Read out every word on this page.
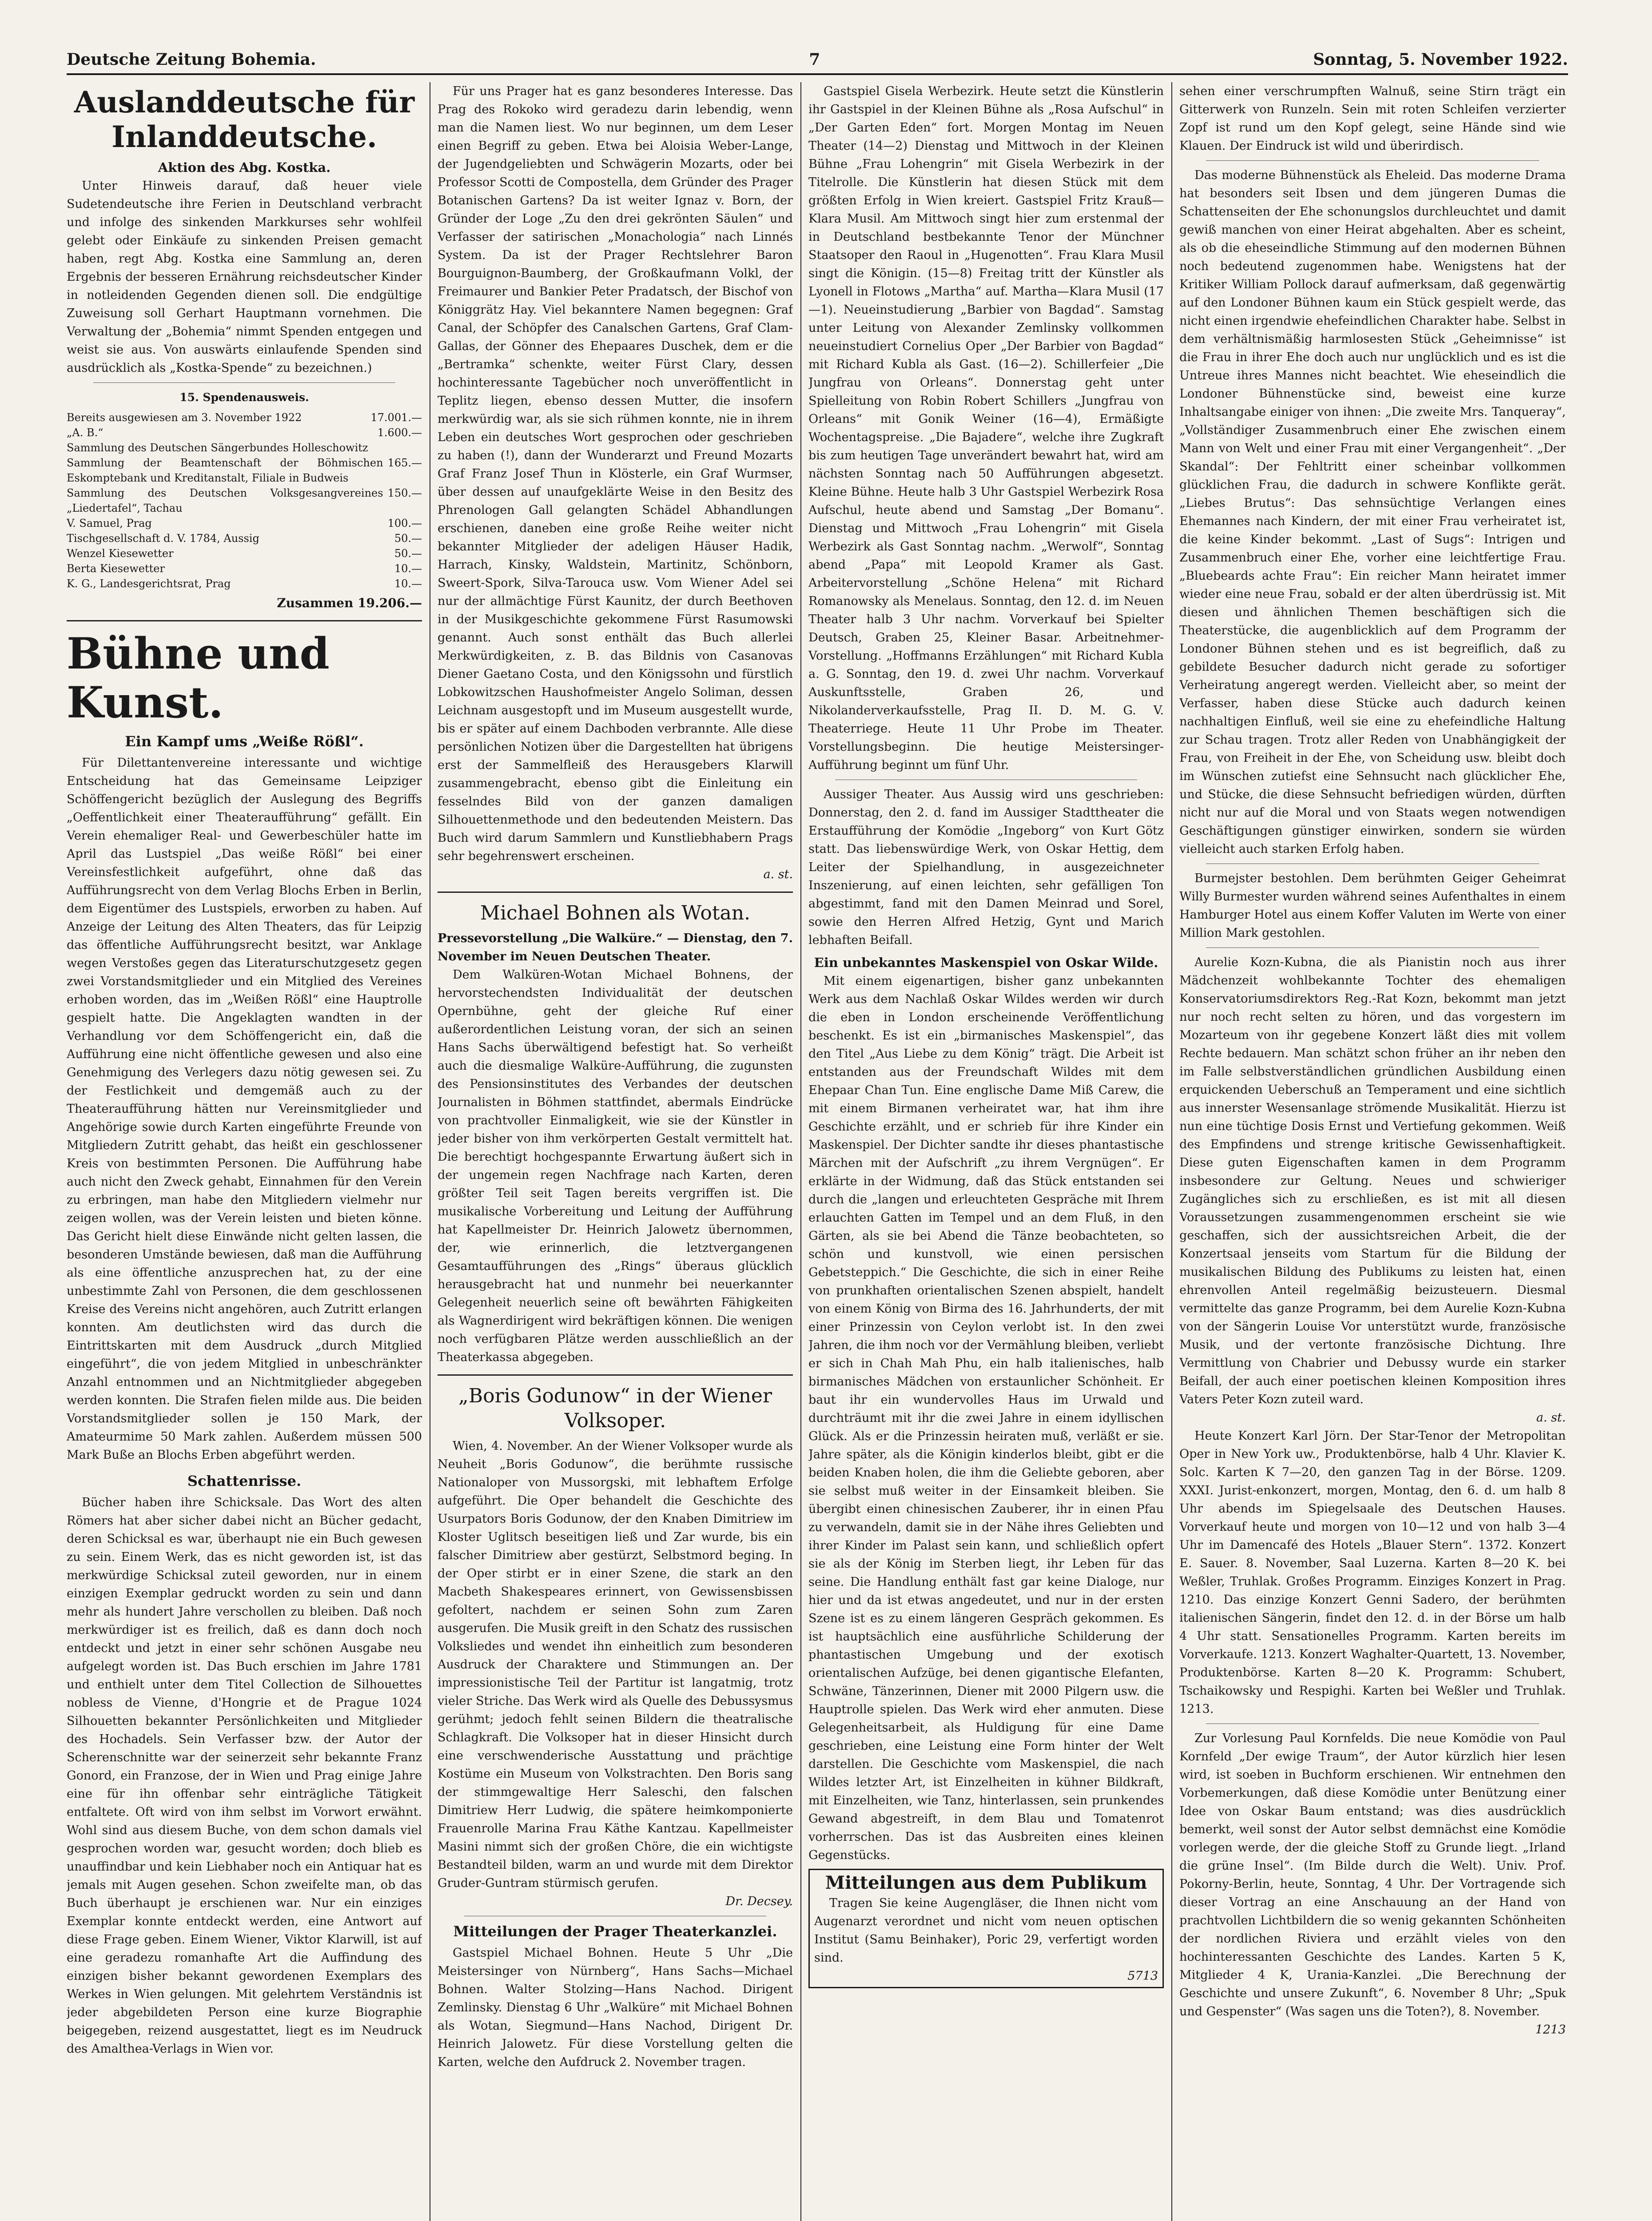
Deutsche Zeitung Bohemia.	7	Sonntag, 5. November 1922.
Auslanddeutsche für Inlanddeutsche.
Aktion des Abg. Kostka.

Unter Hinweis darauf, daß heuer viele Sudetendeutsche ihre Ferien in Deutschland verbracht und infolge des sinkenden Markkurses sehr wohlfeil gelebt oder Einkäufe zu sinkenden Preisen gemacht haben, regt Abg. Kostka eine Sammlung an, deren Ergebnis der besseren Ernährung reichsdeutscher Kinder in notleidenden Gegenden dienen soll. Die endgültige Zuweisung soll Gerhart Hauptmann vornehmen. Die Verwaltung der „Bohemia“ nimmt Spenden entgegen und weist sie aus. Von auswärts einlaufende Spenden sind ausdrücklich als „Kostka-Spende“ zu bezeichnen.)

15. Spendenausweis.
Bereits ausgewiesen am 3. November 1922	17.001.—
„A. B.“	1.600.—
Sammlung des Deutschen Sängerbundes Holleschowitz
Sammlung der Beamtenschaft der Böhmischen Eskomptebank und Kreditanstalt, Filiale in Budweis
165.—
Sammlung des Deutschen Volksgesangvereines „Liedertafel“, Tachau
150.—
V. Samuel, Prag	100.—
Tischgesellschaft d. V. 1784, Aussig	50.—
Wenzel Kiesewetter	50.—
Berta Kiesewetter	10.—
K. G., Landesgerichtsrat, Prag	10.—
Zusammen
19.206.—
Bühne und Kunst.
Ein Kampf ums „Weiße Rößl“.

Für Dilettantenvereine interessante und wichtige Entscheidung hat das Gemeinsame Leipziger Schöffengericht bezüglich der Auslegung des Begriffs „Oeffentlichkeit einer Theateraufführung“ gefällt. Ein Verein ehemaliger Real- und Gewerbeschüler hatte im April das Lustspiel „Das weiße Rößl“ bei einer Vereinsfestlichkeit aufgeführt, ohne daß das Aufführungsrecht von dem Verlag Blochs Erben in Berlin, dem Eigentümer des Lustspiels, erworben zu haben. Auf Anzeige der Leitung des Alten Theaters, das für Leipzig das öffentliche Aufführungsrecht besitzt, war Anklage wegen Verstoßes gegen das Literaturschutzgesetz gegen zwei Vorstandsmitglieder und ein Mitglied des Vereines erhoben worden, das im „Weißen Rößl“ eine Hauptrolle gespielt hatte. Die Angeklagten wandten in der Verhandlung vor dem Schöffengericht ein, daß die Aufführung eine nicht öffentliche gewesen und also eine Genehmigung des Verlegers dazu nötig gewesen sei. Zu der Festlichkeit und demgemäß auch zu der Theateraufführung hätten nur Vereinsmitglieder und Angehörige sowie durch Karten eingeführte Freunde von Mitgliedern Zutritt gehabt, das heißt ein geschlossener Kreis von bestimmten Personen. Die Aufführung habe auch nicht den Zweck gehabt, Einnahmen für den Verein zu erbringen, man habe den Mitgliedern vielmehr nur zeigen wollen, was der Verein leisten und bieten könne. Das Gericht hielt diese Einwände nicht gelten lassen, die besonderen Umstände bewiesen, daß man die Aufführung als eine öffentliche anzusprechen hat, zu der eine unbestimmte Zahl von Personen, die dem geschlossenen Kreise des Vereins nicht angehören, auch Zutritt erlangen konnten. Am deutlichsten wird das durch die Eintrittskarten mit dem Ausdruck „durch Mitglied eingeführt“, die von jedem Mitglied in unbeschränkter Anzahl entnommen und an Nichtmitglieder abgegeben werden konnten. Die Strafen fielen milde aus. Die beiden Vorstandsmitglieder sollen je 150 Mark, der Amateurmime 50 Mark zahlen. Außerdem müssen 500 Mark Buße an Blochs Erben abgeführt werden.

Schattenrisse.

Bücher haben ihre Schicksale. Das Wort des alten Römers hat aber sicher dabei nicht an Bücher gedacht, deren Schicksal es war, überhaupt nie ein Buch gewesen zu sein. Einem Werk, das es nicht geworden ist, ist das merkwürdige Schicksal zuteil geworden, nur in einem einzigen Exemplar gedruckt worden zu sein und dann mehr als hundert Jahre verschollen zu bleiben. Daß noch merkwürdiger ist es freilich, daß es dann doch noch entdeckt und jetzt in einer sehr schönen Ausgabe neu aufgelegt worden ist. Das Buch erschien im Jahre 1781 und enthielt unter dem Titel Collection de Silhouettes nobless de Vienne, d'Hongrie et de Prague 1024 Silhouetten bekannter Persönlichkeiten und Mitglieder des Hochadels. Sein Verfasser bzw. der Autor der Scherenschnitte war der seinerzeit sehr bekannte Franz Gonord, ein Franzose, der in Wien und Prag einige Jahre eine für ihn offenbar sehr einträgliche Tätigkeit entfaltete. Oft wird von ihm selbst im Vorwort erwähnt. Wohl sind aus diesem Buche, von dem schon damals viel gesprochen worden war, gesucht worden; doch blieb es unauffindbar und kein Liebhaber noch ein Antiquar hat es jemals mit Augen gesehen. Schon zweifelte man, ob das Buch überhaupt je erschienen war. Nur ein einziges Exemplar konnte entdeckt werden, eine Antwort auf diese Frage geben. Einem Wiener, Viktor Klarwill, ist auf eine geradezu romanhafte Art die Auffindung des einzigen bisher bekannt gewordenen Exemplars des Werkes in Wien gelungen. Mit gelehrtem Verständnis ist jeder abgebildeten Person eine kurze Biographie beigegeben, reizend ausgestattet, liegt es im Neudruck des Amalthea-Verlags in Wien vor.

Für uns Prager hat es ganz besonderes Interesse. Das Prag des Rokoko wird geradezu darin lebendig, wenn man die Namen liest. Wo nur beginnen, um dem Leser einen Begriff zu geben. Etwa bei Aloisia Weber-Lange, der Jugendgeliebten und Schwägerin Mozarts, oder bei Professor Scotti de Compostella, dem Gründer des Prager Botanischen Gartens? Da ist weiter Ignaz v. Born, der Gründer der Loge „Zu den drei gekrönten Säulen“ und Verfasser der satirischen „Monachologia“ nach Linnés System. Da ist der Prager Rechtslehrer Baron Bourguignon-Baumberg, der Großkaufmann Volkl, der Freimaurer und Bankier Peter Pradatsch, der Bischof von Königgrätz Hay. Viel bekanntere Namen begegnen: Graf Canal, der Schöpfer des Canalschen Gartens, Graf Clam-Gallas, der Gönner des Ehepaares Duschek, dem er die „Bertramka“ schenkte, weiter Fürst Clary, dessen hochinteressante Tagebücher noch unveröffentlicht in Teplitz liegen, ebenso dessen Mutter, die insofern merkwürdig war, als sie sich rühmen konnte, nie in ihrem Leben ein deutsches Wort gesprochen oder geschrieben zu haben (!), dann der Wunderarzt und Freund Mozarts Graf Franz Josef Thun in Klösterle, ein Graf Wurmser, über dessen auf unaufgeklärte Weise in den Besitz des Phrenologen Gall gelangten Schädel Abhandlungen erschienen, daneben eine große Reihe weiter nicht bekannter Mitglieder der adeligen Häuser Hadik, Harrach, Kinsky, Waldstein, Martinitz, Schönborn, Sweert-Spork, Silva-Tarouca usw. Vom Wiener Adel sei nur der allmächtige Fürst Kaunitz, der durch Beethoven in der Musikgeschichte gekommene Fürst Rasumowski genannt. Auch sonst enthält das Buch allerlei Merkwürdigkeiten, z. B. das Bildnis von Casanovas Diener Gaetano Costa, und den Königssohn und fürstlich Lobkowitzschen Haushofmeister Angelo Soliman, dessen Leichnam ausgestopft und im Museum ausgestellt wurde, bis er später auf einem Dachboden verbrannte. Alle diese persönlichen Notizen über die Dargestellten hat übrigens erst der Sammelfleiß des Herausgebers Klarwill zusammengebracht, ebenso gibt die Einleitung ein fesselndes Bild von der ganzen damaligen Silhouettenmethode und den bedeutenden Meistern. Das Buch wird darum Sammlern und Kunstliebhabern Prags sehr begehrenswert erscheinen.

a. st.
Michael Bohnen als Wotan.

Pressevorstellung „Die Walküre.“ — Dienstag, den 7. November im Neuen Deutschen Theater.

Dem Walküren-Wotan Michael Bohnens, der hervorstechendsten Individualität der deutschen Opernbühne, geht der gleiche Ruf einer außerordentlichen Leistung voran, der sich an seinen Hans Sachs überwältigend befestigt hat. So verheißt auch die diesmalige Walküre-Aufführung, die zugunsten des Pensionsinstitutes des Verbandes der deutschen Journalisten in Böhmen stattfindet, abermals Eindrücke von prachtvoller Einmaligkeit, wie sie der Künstler in jeder bisher von ihm verkörperten Gestalt vermittelt hat. Die berechtigt hochgespannte Erwartung äußert sich in der ungemein regen Nachfrage nach Karten, deren größter Teil seit Tagen bereits vergriffen ist. Die musikalische Vorbereitung und Leitung der Aufführung hat Kapellmeister Dr. Heinrich Jalowetz übernommen, der, wie erinnerlich, die letztvergangenen Gesamtaufführungen des „Rings“ überaus glücklich herausgebracht hat und nunmehr bei neuerkannter Gelegenheit neuerlich seine oft bewährten Fähigkeiten als Wagnerdirigent wird bekräftigen können. Die wenigen noch verfügbaren Plätze werden ausschließlich an der Theaterkassa abgegeben.

„Boris Godunow“ in der Wiener Volksoper.

Wien, 4. November. An der Wiener Volksoper wurde als Neuheit „Boris Godunow“, die berühmte russische Nationaloper von Mussorgski, mit lebhaftem Erfolge aufgeführt. Die Oper behandelt die Geschichte des Usurpators Boris Godunow, der den Knaben Dimitriew im Kloster Uglitsch beseitigen ließ und Zar wurde, bis ein falscher Dimitriew aber gestürzt, Selbstmord beging. In der Oper stirbt er in einer Szene, die stark an den Macbeth Shakespeares erinnert, von Gewissensbissen gefoltert, nachdem er seinen Sohn zum Zaren ausgerufen. Die Musik greift in den Schatz des russischen Volksliedes und wendet ihn einheitlich zum besonderen Ausdruck der Charaktere und Stimmungen an. Der impressionistische Teil der Partitur ist langatmig, trotz vieler Striche. Das Werk wird als Quelle des Debussysmus gerühmt; jedoch fehlt seinen Bildern die theatralische Schlagkraft. Die Volksoper hat in dieser Hinsicht durch eine verschwenderische Ausstattung und prächtige Kostüme ein Museum von Volkstrachten. Den Boris sang der stimmgewaltige Herr Saleschi, den falschen Dimitriew Herr Ludwig, die spätere heimkomponierte Frauenrolle Marina Frau Käthe Kantzau. Kapellmeister Masini nimmt sich der großen Chöre, die ein wichtigste Bestandteil bilden, warm an und wurde mit dem Direktor Gruder-Guntram stürmisch gerufen.

Dr. Decsey.
Mitteilungen der Prager Theaterkanzlei.

Gastspiel Michael Bohnen. Heute 5 Uhr „Die Meistersinger von Nürnberg“, Hans Sachs—Michael Bohnen. Walter Stolzing—Hans Nachod. Dirigent Zemlinsky. Dienstag 6 Uhr „Walküre“ mit Michael Bohnen als Wotan, Siegmund—Hans Nachod, Dirigent Dr. Heinrich Jalowetz. Für diese Vorstellung gelten die Karten, welche den Aufdruck 2. November tragen.

Gastspiel Gisela Werbezirk. Heute setzt die Künstlerin ihr Gastspiel in der Kleinen Bühne als „Rosa Aufschul“ in „Der Garten Eden“ fort. Morgen Montag im Neuen Theater (14—2) Dienstag und Mittwoch in der Kleinen Bühne „Frau Lohengrin“ mit Gisela Werbezirk in der Titelrolle. Die Künstlerin hat diesen Stück mit dem größten Erfolg in Wien kreiert. Gastspiel Fritz Krauß—Klara Musil. Am Mittwoch singt hier zum erstenmal der in Deutschland bestbekannte Tenor der Münchner Staatsoper den Raoul in „Hugenotten“. Frau Klara Musil singt die Königin. (15—8) Freitag tritt der Künstler als Lyonell in Flotows „Martha“ auf. Martha—Klara Musil (17—1). Neueinstudierung „Barbier von Bagdad“. Samstag unter Leitung von Alexander Zemlinsky vollkommen neueinstudiert Cornelius Oper „Der Barbier von Bagdad“ mit Richard Kubla als Gast. (16—2). Schillerfeier „Die Jungfrau von Orleans“. Donnerstag geht unter Spielleitung von Robin Robert Schillers „Jungfrau von Orleans“ mit Gonik Weiner (16—4), Ermäßigte Wochentagspreise. „Die Bajadere“, welche ihre Zugkraft bis zum heutigen Tage unverändert bewahrt hat, wird am nächsten Sonntag nach 50 Aufführungen abgesetzt. Kleine Bühne. Heute halb 3 Uhr Gastspiel Werbezirk Rosa Aufschul, heute abend und Samstag „Der Bomanu“. Dienstag und Mittwoch „Frau Lohengrin“ mit Gisela Werbezirk als Gast Sonntag nachm. „Werwolf“, Sonntag abend „Papa“ mit Leopold Kramer als Gast. Arbeitervorstellung „Schöne Helena“ mit Richard Romanowsky als Menelaus. Sonntag, den 12. d. im Neuen Theater halb 3 Uhr nachm. Vorverkauf bei Spielter Deutsch, Graben 25, Kleiner Basar. Arbeitnehmer-Vorstellung. „Hoffmanns Erzählungen“ mit Richard Kubla a. G. Sonntag, den 19. d. zwei Uhr nachm. Vorverkauf Auskunftsstelle, Graben 26, und Nikolanderverkaufsstelle, Prag II. D. M. G. V. Theaterriege. Heute 11 Uhr Probe im Theater. Vorstellungsbeginn. Die heutige Meistersinger-Aufführung beginnt um fünf Uhr.

Aussiger Theater. Aus Aussig wird uns geschrieben: Donnerstag, den 2. d. fand im Aussiger Stadttheater die Erstaufführung der Komödie „Ingeborg“ von Kurt Götz statt. Das liebenswürdige Werk, von Oskar Hettig, dem Leiter der Spielhandlung, in ausgezeichneter Inszenierung, auf einen leichten, sehr gefälligen Ton abgestimmt, fand mit den Damen Meinrad und Sorel, sowie den Herren Alfred Hetzig, Gynt und Marich lebhaften Beifall.

Ein unbekanntes Maskenspiel von Oskar Wilde.

Mit einem eigenartigen, bisher ganz unbekannten Werk aus dem Nachlaß Oskar Wildes werden wir durch die eben in London erscheinende Veröffentlichung beschenkt. Es ist ein „birmanisches Maskenspiel“, das den Titel „Aus Liebe zu dem König“ trägt. Die Arbeit ist entstanden aus der Freundschaft Wildes mit dem Ehepaar Chan Tun. Eine englische Dame Miß Carew, die mit einem Birmanen verheiratet war, hat ihm ihre Geschichte erzählt, und er schrieb für ihre Kinder ein Maskenspiel. Der Dichter sandte ihr dieses phantastische Märchen mit der Aufschrift „zu ihrem Vergnügen“. Er erklärte in der Widmung, daß das Stück entstanden sei durch die „langen und erleuchteten Gespräche mit Ihrem erlauchten Gatten im Tempel und an dem Fluß, in den Gärten, als sie bei Abend die Tänze beobachteten, so schön und kunstvoll, wie einen persischen Gebetsteppich.“ Die Geschichte, die sich in einer Reihe von prunkhaften orientalischen Szenen abspielt, handelt von einem König von Birma des 16. Jahrhunderts, der mit einer Prinzessin von Ceylon verlobt ist. In den zwei Jahren, die ihm noch vor der Vermählung bleiben, verliebt er sich in Chah Mah Phu, ein halb italienisches, halb birmanisches Mädchen von erstaunlicher Schönheit. Er baut ihr ein wundervolles Haus im Urwald und durchträumt mit ihr die zwei Jahre in einem idyllischen Glück. Als er die Prinzessin heiraten muß, verläßt er sie. Jahre später, als die Königin kinderlos bleibt, gibt er die beiden Knaben holen, die ihm die Geliebte geboren, aber sie selbst muß weiter in der Einsamkeit bleiben. Sie übergibt einen chinesischen Zauberer, ihr in einen Pfau zu verwandeln, damit sie in der Nähe ihres Geliebten und ihrer Kinder im Palast sein kann, und schließlich opfert sie als der König im Sterben liegt, ihr Leben für das seine. Die Handlung enthält fast gar keine Dialoge, nur hier und da ist etwas angedeutet, und nur in der ersten Szene ist es zu einem längeren Gespräch gekommen. Es ist hauptsächlich eine ausführliche Schilderung der phantastischen Umgebung und der exotisch orientalischen Aufzüge, bei denen gigantische Elefanten, Schwäne, Tänzerinnen, Diener mit 2000 Pilgern usw. die Hauptrolle spielen. Das Werk wird eher anmuten. Diese Gelegenheitsarbeit, als Huldigung für eine Dame geschrieben, eine Leistung eine Form hinter der Welt darstellen. Die Geschichte vom Maskenspiel, die nach Wildes letzter Art, ist Einzelheiten in kühner Bildkraft, mit Einzelheiten, wie Tanz, hinterlassen, sein prunkendes Gewand abgestreift, in dem Blau und Tomatenrot vorherrschen. Das ist das Ausbreiten eines kleinen Gegenstücks.

Mitteilungen aus dem Publikum

Tragen Sie keine Augengläser, die Ihnen nicht vom Augenarzt verordnet und nicht vom neuen optischen Institut (Samu Beinhaker), Poric 29, verfertigt worden sind.

5713

sehen einer verschrumpften Walnuß, seine Stirn trägt ein Gitterwerk von Runzeln. Sein mit roten Schleifen verzierter Zopf ist rund um den Kopf gelegt, seine Hände sind wie Klauen. Der Eindruck ist wild und überirdisch.

Das moderne Bühnenstück als Eheleid. Das moderne Drama hat besonders seit Ibsen und dem jüngeren Dumas die Schattenseiten der Ehe schonungslos durchleuchtet und damit gewiß manchen von einer Heirat abgehalten. Aber es scheint, als ob die eheseindliche Stimmung auf den modernen Bühnen noch bedeutend zugenommen habe. Wenigstens hat der Kritiker William Pollock darauf aufmerksam, daß gegenwärtig auf den Londoner Bühnen kaum ein Stück gespielt werde, das nicht einen irgendwie ehefeindlichen Charakter habe. Selbst in dem verhältnismäßig harmlosesten Stück „Geheimnisse“ ist die Frau in ihrer Ehe doch auch nur unglücklich und es ist die Untreue ihres Mannes nicht beachtet. Wie eheseindlich die Londoner Bühnenstücke sind, beweist eine kurze Inhaltsangabe einiger von ihnen: „Die zweite Mrs. Tanqueray“, „Vollständiger Zusammenbruch einer Ehe zwischen einem Mann von Welt und einer Frau mit einer Vergangenheit“. „Der Skandal“: Der Fehltritt einer scheinbar vollkommen glücklichen Frau, die dadurch in schwere Konflikte gerät. „Liebes Brutus“: Das sehnsüchtige Verlangen eines Ehemannes nach Kindern, der mit einer Frau verheiratet ist, die keine Kinder bekommt. „Last of Sugs“: Intrigen und Zusammenbruch einer Ehe, vorher eine leichtfertige Frau. „Bluebeards achte Frau“: Ein reicher Mann heiratet immer wieder eine neue Frau, sobald er der alten überdrüssig ist. Mit diesen und ähnlichen Themen beschäftigen sich die Theaterstücke, die augenblicklich auf dem Programm der Londoner Bühnen stehen und es ist begreiflich, daß zu gebildete Besucher dadurch nicht gerade zu sofortiger Verheiratung angeregt werden. Vielleicht aber, so meint der Verfasser, haben diese Stücke auch dadurch keinen nachhaltigen Einfluß, weil sie eine zu ehefeindliche Haltung zur Schau tragen. Trotz aller Reden von Unabhängigkeit der Frau, von Freiheit in der Ehe, von Scheidung usw. bleibt doch im Wünschen zutiefst eine Sehnsucht nach glücklicher Ehe, und Stücke, die diese Sehnsucht befriedigen würden, dürften nicht nur auf die Moral und von Staats wegen notwendigen Geschäftigungen günstiger einwirken, sondern sie würden vielleicht auch starken Erfolg haben.

Burmejster bestohlen. Dem berühmten Geiger Geheimrat Willy Burmester wurden während seines Aufenthaltes in einem Hamburger Hotel aus einem Koffer Valuten im Werte von einer Million Mark gestohlen.

Aurelie Kozn-Kubna, die als Pianistin noch aus ihrer Mädchenzeit wohlbekannte Tochter des ehemaligen Konservatoriumsdirektors Reg.-Rat Kozn, bekommt man jetzt nur noch recht selten zu hören, und das vorgestern im Mozarteum von ihr gegebene Konzert läßt dies mit vollem Rechte bedauern. Man schätzt schon früher an ihr neben den im Falle selbstverständlichen gründlichen Ausbildung einen erquickenden Ueberschuß an Temperament und eine sichtlich aus innerster Wesensanlage strömende Musikalität. Hierzu ist nun eine tüchtige Dosis Ernst und Vertiefung gekommen. Weiß des Empfindens und strenge kritische Gewissenhaftigkeit. Diese guten Eigenschaften kamen in dem Programm insbesondere zur Geltung. Neues und schwieriger Zugängliches sich zu erschließen, es ist mit all diesen Voraussetzungen zusammengenommen erscheint sie wie geschaffen, sich der aussichtsreichen Arbeit, die der Konzertsaal jenseits vom Startum für die Bildung der musikalischen Bildung des Publikums zu leisten hat, einen ehrenvollen Anteil regelmäßig beizusteuern. Diesmal vermittelte das ganze Programm, bei dem Aurelie Kozn-Kubna von der Sängerin Louise Vor unterstützt wurde, französische Musik, und der vertonte französische Dichtung. Ihre Vermittlung von Chabrier und Debussy wurde ein starker Beifall, der auch einer poetischen kleinen Komposition ihres Vaters Peter Kozn zuteil ward.

a. st.

Heute Konzert Karl Jörn. Der Star-Tenor der Metropolitan Oper in New York uw., Produktenbörse, halb 4 Uhr. Klavier K. Solc. Karten K 7—20, den ganzen Tag in der Börse. 1209. XXXI. Jurist-enkonzert, morgen, Montag, den 6. d. um halb 8 Uhr abends im Spiegelsaale des Deutschen Hauses. Vorverkauf heute und morgen von 10—12 und von halb 3—4 Uhr im Damencafé des Hotels „Blauer Stern“. 1372. Konzert E. Sauer. 8. November, Saal Luzerna. Karten 8—20 K. bei Weßler, Truhlak. Großes Programm. Einziges Konzert in Prag. 1210. Das einzige Konzert Genni Sadero, der berühmten italienischen Sängerin, findet den 12. d. in der Börse um halb 4 Uhr statt. Sensationelles Programm. Karten bereits im Vorverkaufe. 1213. Konzert Waghalter-Quartett, 13. November, Produktenbörse. Karten 8—20 K. Programm: Schubert, Tschaikowsky und Respighi. Karten bei Weßler und Truhlak. 1213.

Zur Vorlesung Paul Kornfelds. Die neue Komödie von Paul Kornfeld „Der ewige Traum“, der Autor kürzlich hier lesen wird, ist soeben in Buchform erschienen. Wir entnehmen den Vorbemerkungen, daß diese Komödie unter Benützung einer Idee von Oskar Baum entstand; was dies ausdrücklich bemerkt, weil sonst der Autor selbst demnächst eine Komödie vorlegen werde, der die gleiche Stoff zu Grunde liegt. „Irland die grüne Insel“. (Im Bilde durch die Welt). Univ. Prof. Pokorny-Berlin, heute, Sonntag, 4 Uhr. Der Vortragende sich dieser Vortrag an eine Anschauung an der Hand von prachtvollen Lichtbildern die so wenig gekannten Schönheiten der nordlichen Riviera und erzählt vieles von den hochinteressanten Geschichte des Landes. Karten 5 K, Mitglieder 4 K, Urania-Kanzlei. „Die Berechnung der Geschichte und unsere Zukunft“, 6. November 8 Uhr; „Spuk und Gespenster“ (Was sagen uns die Toten?), 8. November.

1213
